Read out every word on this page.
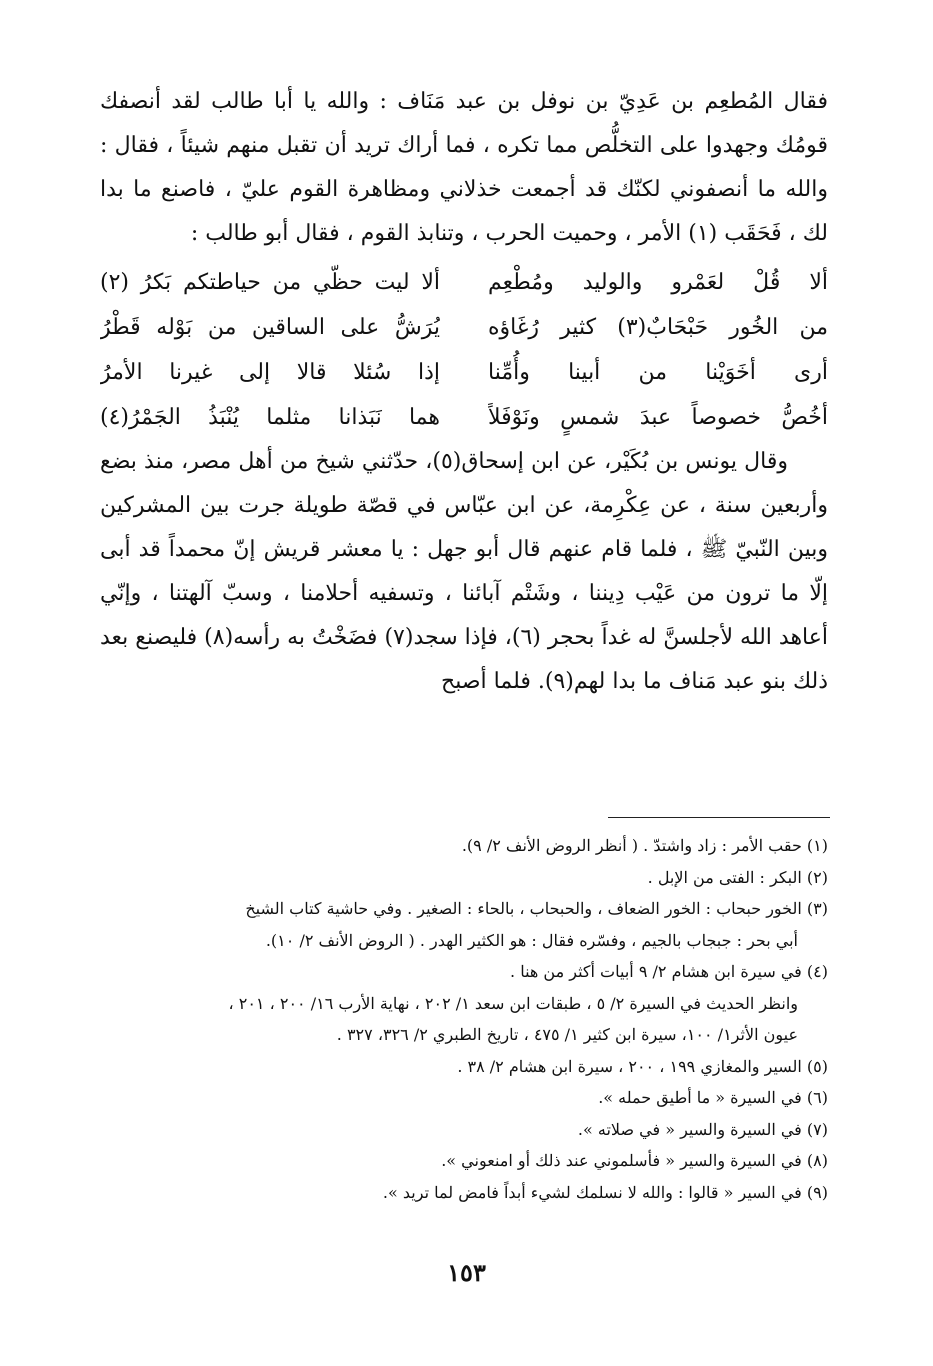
فقال المُطعِم بن عَدِيّ بن نوفل بن عبد مَنَاف : والله يا أبا طالب لقد أنصفك قومُك وجهدوا على التخلُّص مما تكره ، فما أراك تريد أن تقبل منهم شيئاً ، فقال : والله ما أنصفوني لكنّك قد أجمعت خذلاني ومظاهرة القوم عليّ ، فاصنع ما بدا لك ، فَحَقَب (١) الأمر ، وحميت الحرب ، وتنابذ القوم ، فقال أبو طالب :

ألا قُلْ لعَمْرو والوليد ومُطْعِم
ألا ليت حظّي من حياطتكم بَكرُ (٢)
من الخُور حَبْحَابٌ(٣) كثير رُغَاؤه
يُرَشُّ على الساقين من بَوْله قَطْرُ
أرى أخَوَيْنا من أبينا وأُمِّنا
إذا سُئلا قالا إلى غيرنا الأمرُ
أخُصُّ خصوصاً عبدَ شمسٍ ونَوْفَلاً
هما نَبَذانا مثلما يُنْبَذُ الجَمْرُ(٤)

وقال يونس بن بُكَيْر، عن ابن إسحاق(٥)، حدّثني شيخ من أهل مصر، منذ بضع وأربعين سنة ، عن عِكْرِمة، عن ابن عبّاس في قصّة طويلة جرت بين المشركين وبين النّبيّ ﷺ ، فلما قام عنهم قال أبو جهل : يا معشر قريش إنّ محمداً قد أبى إلّا ما ترون من عَيْب دِيننا ، وشَتْم آبائنا ، وتسفيه أحلامنا ، وسبّ آلهتنا ، وإنّي أعاهد الله لأجلسنَّ له غداً بحجر (٦)، فإذا سجد(٧) فضَخْتُ به رأسه(٨) فليصنع بعد ذلك بنو عبد مَناف ما بدا لهم(٩). فلما أصبح

(١) حقب الأمر : زاد واشتدّ . ( أنظر الروض الأنف ٢/ ٩).

(٢) البكر : الفتى من الإبل .

(٣) الخور حبحاب : الخور الضعاف ، والحبحاب ، بالحاء : الصغير . وفي حاشية كتاب الشيخ

أبي بحر : جبجاب بالجيم ، وفسّره فقال : هو الكثير الهدر . ( الروض الأنف ٢/ ١٠).

(٤) في سيرة ابن هشام ٢/ ٩ أبيات أكثر من هنا .

وانظر الحديث في السيرة ٢/ ٥ ، طبقات ابن سعد ١/ ٢٠٢ ، نهاية الأرب ١٦/ ٢٠٠ ، ٢٠١ ،

عيون الأثر١/ ١٠٠، سيرة ابن كثير ١/ ٤٧٥ ، تاريخ الطبري ٢/ ٣٢٦، ٣٢٧ .

(٥) السير والمغازي ١٩٩ ، ٢٠٠ ، سيرة ابن هشام ٢/ ٣٨ .

(٦) في السيرة « ما أطيق حمله ».

(٧) في السيرة والسير « في صلاته ».

(٨) في السيرة والسير « فأسلموني عند ذلك أو امنعوني ».

(٩) في السير « قالوا : والله لا نسلمك لشيء أبداً فامض لما تريد ».

١٥٣
